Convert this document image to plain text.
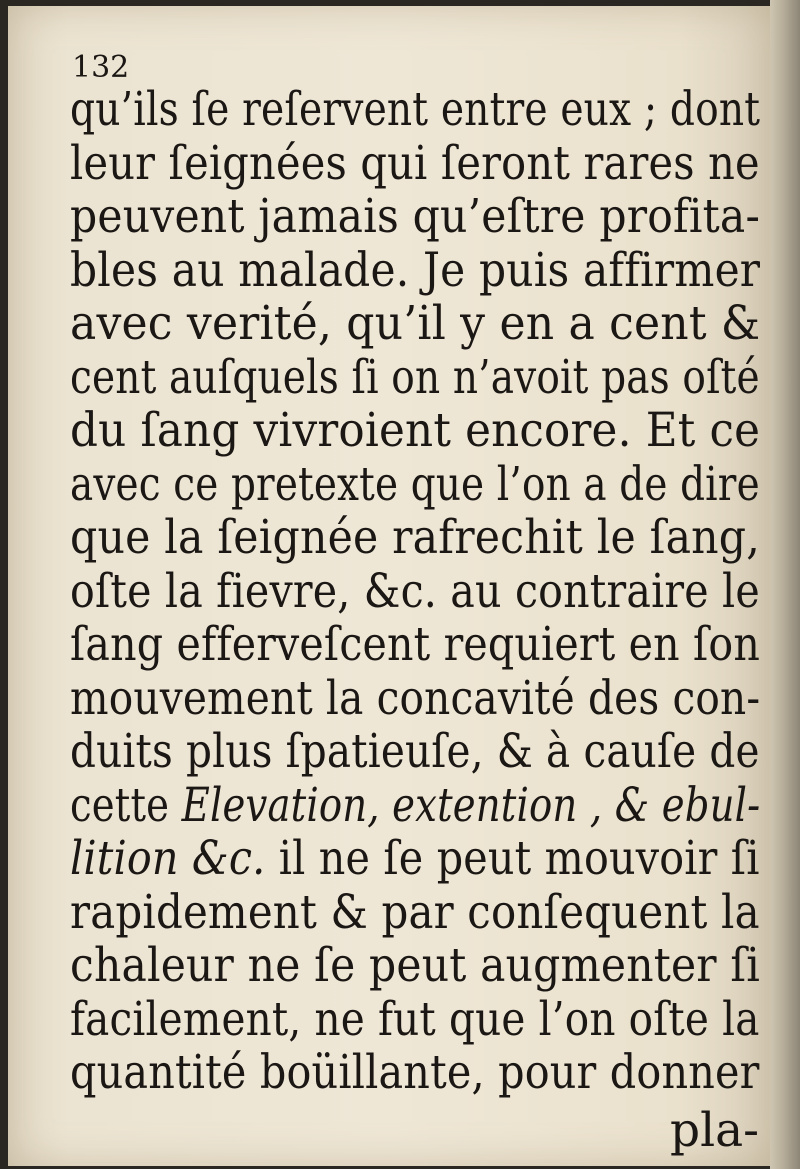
132
qu’ils ſe reſervent entre eux ; dont
leur ſeignées qui ſeront rares ne
peuvent jamais qu’eſtre profita-
bles au malade. Je puis affirmer
avec verité, qu’il y en a cent &
cent auſquels ſi on n’avoit pas oſté
du ſang vivroient encore. Et ce
avec ce pretexte que l’on a de dire
que la ſeignée rafrechit le ſang,
oſte la fievre, &c. au contraire le
ſang efferveſcent requiert en ſon
mouvement la concavité des con-
duits plus ſpatieuſe, & à cauſe de
cette Elevation, extention , & ebul-
lition &c. il ne ſe peut mouvoir ſi
rapidement & par conſequent la
chaleur ne ſe peut augmenter ſi
facilement, ne fut que l’on oſte la
quantité boüillante, pour donner
pla-
